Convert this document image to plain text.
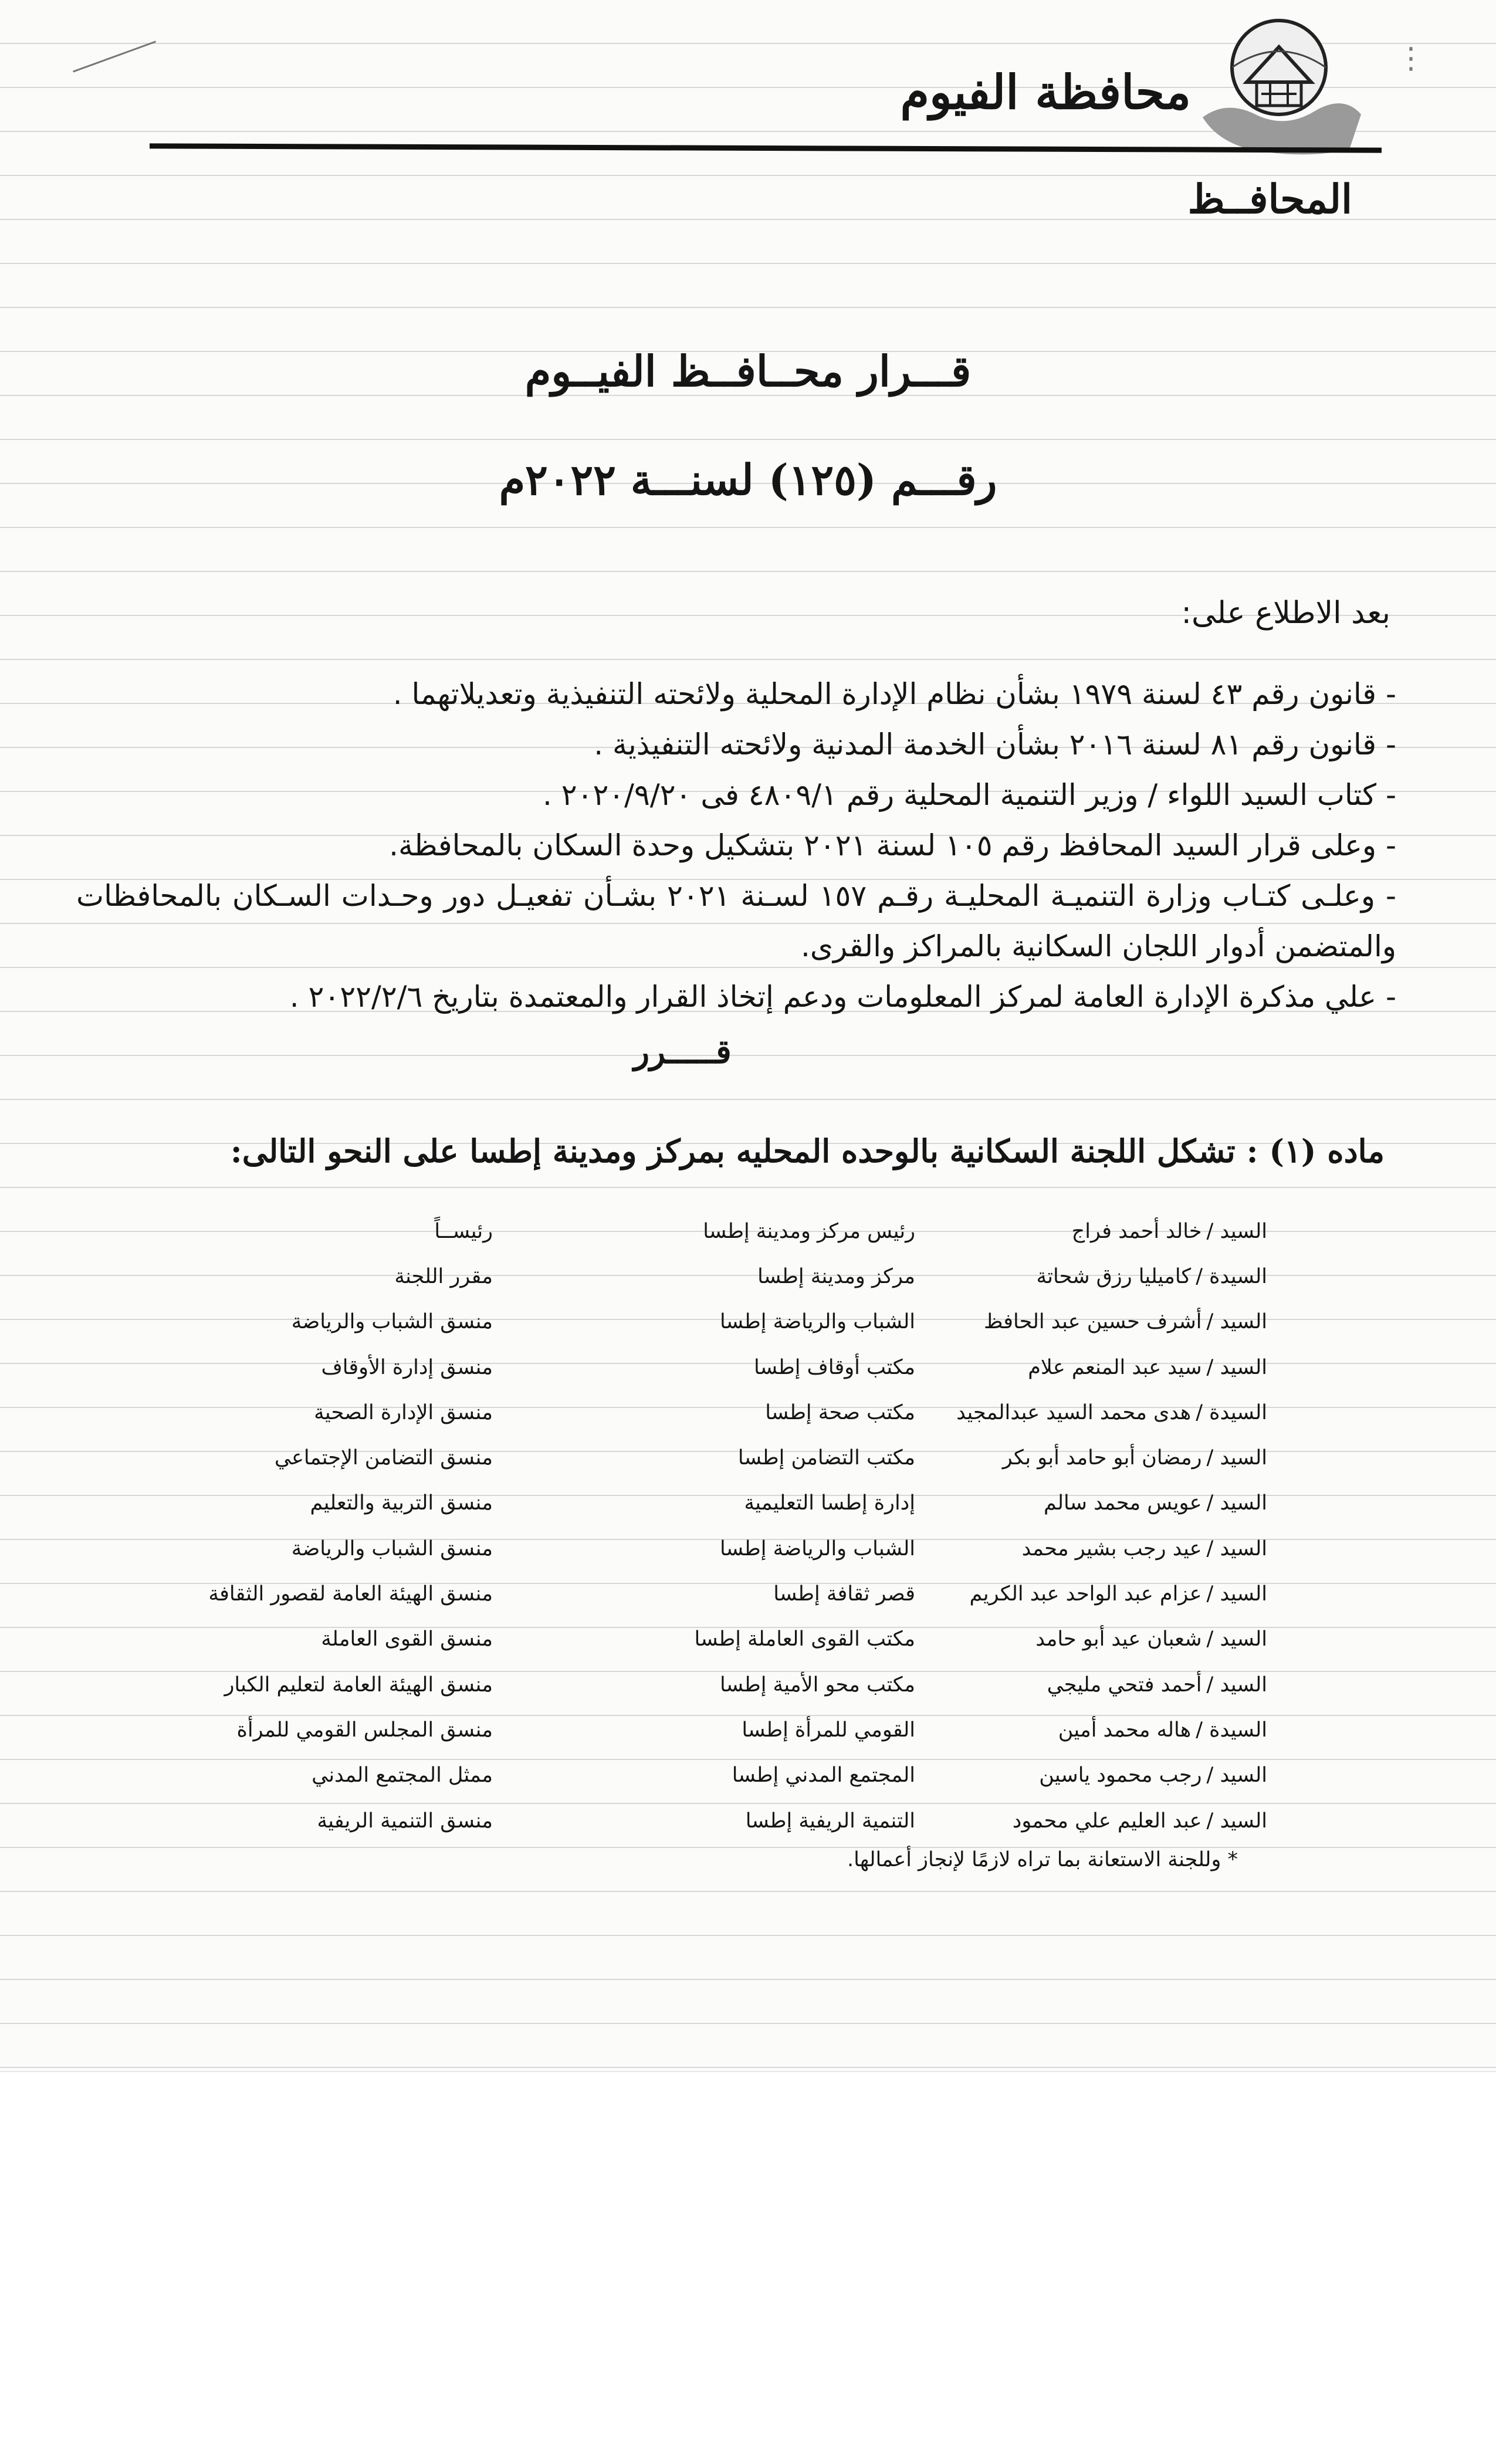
⋮
محافظة الفيوم
المحافــظ
قـــرار محــافــظ الفيــوم
رقـــم (١٢٥) لسنـــة ٢٠٢٢م
بعد الاطلاع على:
- قانون رقم ٤٣ لسنة ١٩٧٩ بشأن نظام الإدارة المحلية ولائحته التنفيذية وتعديلاتهما .
- قانون رقم ٨١ لسنة ٢٠١٦ بشأن الخدمة المدنية ولائحته التنفيذية .
- كتاب السيد اللواء / وزير التنمية المحلية رقم ٤٨٠٩/١ فى ٢٠٢٠/٩/٢٠ .
- وعلى قرار السيد المحافظ رقم ١٠٥ لسنة ٢٠٢١ بتشكيل وحدة السكان بالمحافظة.
- وعلـى كتـاب وزارة التنميـة المحليـة رقـم ١٥٧ لسـنة ٢٠٢١ بشـأن تفعيـل دور وحـدات السـكان بالمحافظات والمتضمن أدوار اللجان السكانية بالمراكز والقرى.
- علي مذكرة الإدارة العامة لمركز المعلومات ودعم إتخاذ القرار والمعتمدة بتاريخ ٢٠٢٢/٢/٦ .
قـــــرر
ماده (١) : تشكل اللجنة السكانية بالوحده المحليه بمركز ومدينة إطسا على النحو التالى:
السيد /خالد أحمد فراج	رئيس مركز ومدينة إطسا	رئيســاً
السيدة /كاميليا رزق شحاتة	مركز ومدينة إطسا	مقرر اللجنة
السيد /أشرف حسين عبد الحافظ	الشباب والرياضة إطسا	منسق الشباب والرياضة
السيد /سيد عبد المنعم علام	مكتب أوقاف إطسا	منسق إدارة الأوقاف
السيدة /هدى محمد السيد عبدالمجيد	مكتب صحة إطسا	منسق الإدارة الصحية
السيد /رمضان أبو حامد أبو بكر	مكتب التضامن إطسا	منسق التضامن الإجتماعي
السيد /عويس محمد سالم	إدارة إطسا التعليمية	منسق التربية والتعليم
السيد /عيد رجب بشير محمد	الشباب والرياضة إطسا	منسق الشباب والرياضة
السيد /عزام عبد الواحد عبد الكريم	قصر ثقافة إطسا	منسق الهيئة العامة لقصور الثقافة
السيد /شعبان عيد أبو حامد	مكتب القوى العاملة إطسا	منسق القوى العاملة
السيد /أحمد فتحي مليجي	مكتب محو الأمية إطسا	منسق الهيئة العامة لتعليم الكبار
السيدة /هاله محمد أمين	القومي للمرأة إطسا	منسق المجلس القومي للمرأة
السيد /رجب محمود ياسين	المجتمع المدني إطسا	ممثل المجتمع المدني
السيد /عبد العليم علي محمود	التنمية الريفية إطسا	منسق التنمية الريفية
* وللجنة الاستعانة بما تراه لازمًا لإنجاز أعمالها.
